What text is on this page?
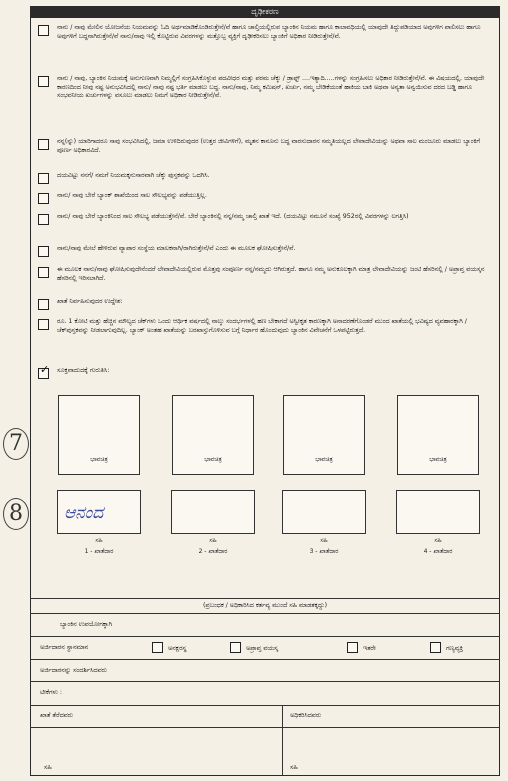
ದೃಢೀಕರಣ
ನಾನು / ನಾವು ಮೇಲಿನ ಯೋಜನೆಯ ನಿಯಮವನ್ನು ಓದಿ ಅರ್ಥಮಾಡಿಕೊಂಡಿರುತ್ತೇನೆ/ವೆ ಹಾಗೂ ಚಾಲ್ತಿಯಲ್ಲಿರುವ ಬ್ಯಾಂಕಿನ ನಿಯಮ ಹಾಗೂ ಕಾಲಾವಧಿಯಲ್ಲಿ ಯಾವುದೇ ತಿದ್ದುಪಡಿಯಾದ ಅವುಗಳಿಗ ಪಾಲಿಸಲು ಹಾಗೂ ಅವುಗಳಿಗೆ ಬದ್ಧನಾಗಿರುತ್ತೇನೆ/ವೆ ನಾನು/ನಾವು ಇಲ್ಲಿ ಕೊಟ್ಟಿರುವ ವಿವರಗಳನ್ನು ಮತ್ತೊಬ್ಬ ವ್ಯಕ್ತಿಗೆ ದೃಢೀಕರಿಸಲು ಬ್ಯಾಂಕಿಗೆ ಅಧಿಕಾರ ನೀಡಿರುತ್ತೇನೆ/ವೆ.
ನಾನು / ನಾವು, ಬ್ಯಾಂಕಿನ ನಿಯಮಕ್ಕೆ ಅನುಗುಣವಾಗಿ ನಿಮ್ಮಲ್ಲಿಗೆ ಸಂಗ್ರಹಿಸಿಕೊಳ್ಳುವ ಪದವೀಧರ ಮತ್ತು ಪರಮ ಚೆಕ್ಕು / ಡ್ರಾಫ್ಟ್ ....ಇತ್ಯಾದಿ.....ಗಳನ್ನು ಸಂಗ್ರಹಿಸಲು ಅಧಿಕಾರ ನೀಡಿರುತ್ತೇನೆ/ವೆ. ಈ ವಿಷಯದಲ್ಲಿ, ಯಾವುದೇ ಕಾರಣದಿಂದ ನೀವು ನಷ್ಟ ಅನುಭವಿಸಿದಲ್ಲಿ ನಾನು/ ನಾವು ನಷ್ಟ ಭರ್ತಿ ಮಾಡಲು ಬದ್ಧ. ನಾನು/ನಾವು, ನಿಮ್ಮ ಕಮಿಷನ್, ಖರ್ಚು, ನಮ್ಮ ಬೇಡಿಕೆಯಂತೆ ಹಾಕಿಯ ಬಾಕಿ ಅಥವಾ ಅನ್ಯತಾ ಅನ್ವಯಿಸುವ ದರದ ಬಡ್ಡಿ ಹಾಗೂ ಸಂಭವನೀಯ ಖರ್ಚುಗಳನ್ನು ವಸೂಲು ಮಾಡಲು ನಿಮಗೆ ಅಧಿಕಾರ ನೀಡಿರುತ್ತೇನೆ/ವೆ.
ನನ್ನ(ನ್ನು) ಯಾರಿಗಾದರೂ ಸಾವು ಸಂಭವಿಸಿದಲ್ಲಿ, ಜಮಾ ಉಳಿದಿರುವುದರ (ಉತ್ತರ ಜೀವಿಗಳಿಗೆ), ಮೃತನ ಕಾನೂನು ಬದ್ಧ ವಾರಸುದಾರನ ಸಮ್ಮತಿಯಲ್ಲದ ಲೇವಾದೇವಿಯನ್ನು ಅಥವಾ ಸಾಲ ಮಂಜೂರು ಮಾಡಲು ಬ್ಯಾಂಕಿಗೆ ಪೂರ್ಣ ಅಧಿಕಾರವಿದೆ.
ದಯವಿಟ್ಟು ನನಗೆ/ ನಮಗೆ ನಿಯಮಕ್ಕನುಸಾರವಾಗಿ ಚೆಕ್ಕು ಪುಸ್ತಕವನ್ನು ಒದಗಿಸಿ.
ನಾನು/ ನಾವು ಬೇರೆ ಬ್ಯಾಂಕ್ ಶಾಖೆಯಿಂದ ಸಾಲ ಸೌಲಭ್ಯವನ್ನು ಪಡೆಯುತ್ತಿಲ್ಲ.
ನಾನು/ ನಾವು ಬೇರೆ ಬ್ಯಾಂಕಿನಿಂದ ಸಾಲ ಸೌಲಭ್ಯ ಪಡೆಯುತ್ತೇನೆ/ವೆ. ಬೇರೆ ಬ್ಯಾಂಕಿನಲ್ಲಿ ನನ್ನ/ನಮ್ಮ ಚಾಲ್ತಿ ಖಾತೆ ಇದೆ. (ದಯವಿಟ್ಟು ನಮೂನೆ ಸಂಖ್ಯೆ 952ರಲ್ಲಿ ವಿವರಗಳನ್ನು ಲಗತ್ತಿಸಿ)
ನಾನು/ನಾವು ಮೇಲೆ ಹೇಳಿರುವ ವ್ಯಾಪಾರ ಸಂಸ್ಥೆಯ ಮಾಲಕನಾಗಿ/ರಾಗಿರುತ್ತೇನೆ/ವೆ ಎಂದು ಈ ಮೂಲಕ ಘೋಷಿಸುತ್ತೇನೆ/ವೆ.
ಈ ಮೂಲಕ ನಾನು/ನಾವು ಘೋಷಿಸುವುದೇನೆಂದರೆ ಲೇವಾದೇವಿಯಲ್ಲಿರುವ ಮೊತ್ತವು ಸಂಪೂರ್ಣ ನನ್ನ/ನಮ್ಮದು ಆಗಿರುತ್ತದೆ. ಹಾಗೂ ನಮ್ಮ ಅನುಕೂಲಕ್ಕಾಗಿ ಮಾತ್ರ ಲೇವಾದೇವಿಯನ್ನು ಜಂಟಿ ಹೆಸರಿನಲ್ಲಿ / ಅಪ್ರಾಪ್ತ ವಯಸ್ಕನ ಹೆಸರಿನಲ್ಲಿ ಇರಿಸಲಾಗಿದೆ.
ಖಾತೆ ನಿರ್ವಹಿಸುವುದರ ಉದ್ದೇಶ:
ರೂ. 1 ಕೋಟಿ ಮತ್ತು ಹೆಚ್ಚಿನ ಮೌಲ್ಯದ ಚೆಕ್‌ಗಳು ಒಂದು ಆರ್ಥಿಕ ವರ್ಷದಲ್ಲಿ ನಾಲ್ಕು ಸಂದರ್ಭಗಳಲ್ಲಿ ಹಣ ಬೇಕಾಗದೆ ಅಸ್ವೀಕೃತ ಕಾರಣಕ್ಕಾಗಿ ಅನಾದರಣೆಗೊಂಡರೆ ಮುಂದ ಖಾತೆಯಲ್ಲಿ ಭವಿಷ್ಯದ ವ್ಯವಹಾರಕ್ಕಾಗಿ / ಚೆಕ್‌ಪುಸ್ತಕವನ್ನು ನೀಡಲಾಗುವುದಿಲ್ಲ. ಬ್ಯಾಂಕ್ ಅಂತಹ ಖಾತೆಯನ್ನು ಬರಖಾಸ್ತುಗೊಳಿಸುವ ಬಗ್ಗೆ ನಿರ್ಧಾರ ಹೊಂದುವುದು ಬ್ಯಾಂಕಿನ ವಿವೇಚನೆಗೆ ಒಳಪಟ್ಟಿರುತ್ತದೆ.
✓
ಸೂಕ್ತವಾದುದಕ್ಕೆ ಗುರುತಿಸಿ:
7
8
ಭಾವಚಿತ್ರ	ಭಾವಚಿತ್ರ	ಭಾವಚಿತ್ರ	ಭಾವಚಿತ್ರ
ಆನಂದ
ಸಹಿ	ಸಹಿ	ಸಹಿ	ಸಹಿ
1 - ಖಾತೆದಾರ	2 - ಖಾತೆದಾರ	3 - ಖಾತೆದಾರ	4 - ಖಾತೆದಾರ
(ಪ್ರಬಂಧಕ / ಅಧಿಕಾರಿಸಿದ ಕರ್ತವ್ಯ ಮುಂದೆ ಸಹಿ ಮಾಡತಕ್ಕದ್ದು)
ಬ್ಯಾಂಕಿನ ಉಪಯೋಗಕ್ಕಾಗಿ
ಅರ್ಜಿದಾರನ ಸ್ಥಾನಮಾನ	ಅನಕ್ಷರಸ್ಥ	ಅಪ್ರಾಪ್ತ ವಯಸ್ಕ	ಇತರೇ	ಗಣ್ಯವ್ಯಕ್ತಿ
ಅರ್ಜಿದಾರನನ್ನು ಸಂದರ್ಶಿಸಿದವರು
ಟೀಕೆಗಳು :
ಖಾತೆ ತೆರೆದವರು	ಅಧಿಕರಿಸಿದವರು
ಸಹಿ	ಸಹಿ
